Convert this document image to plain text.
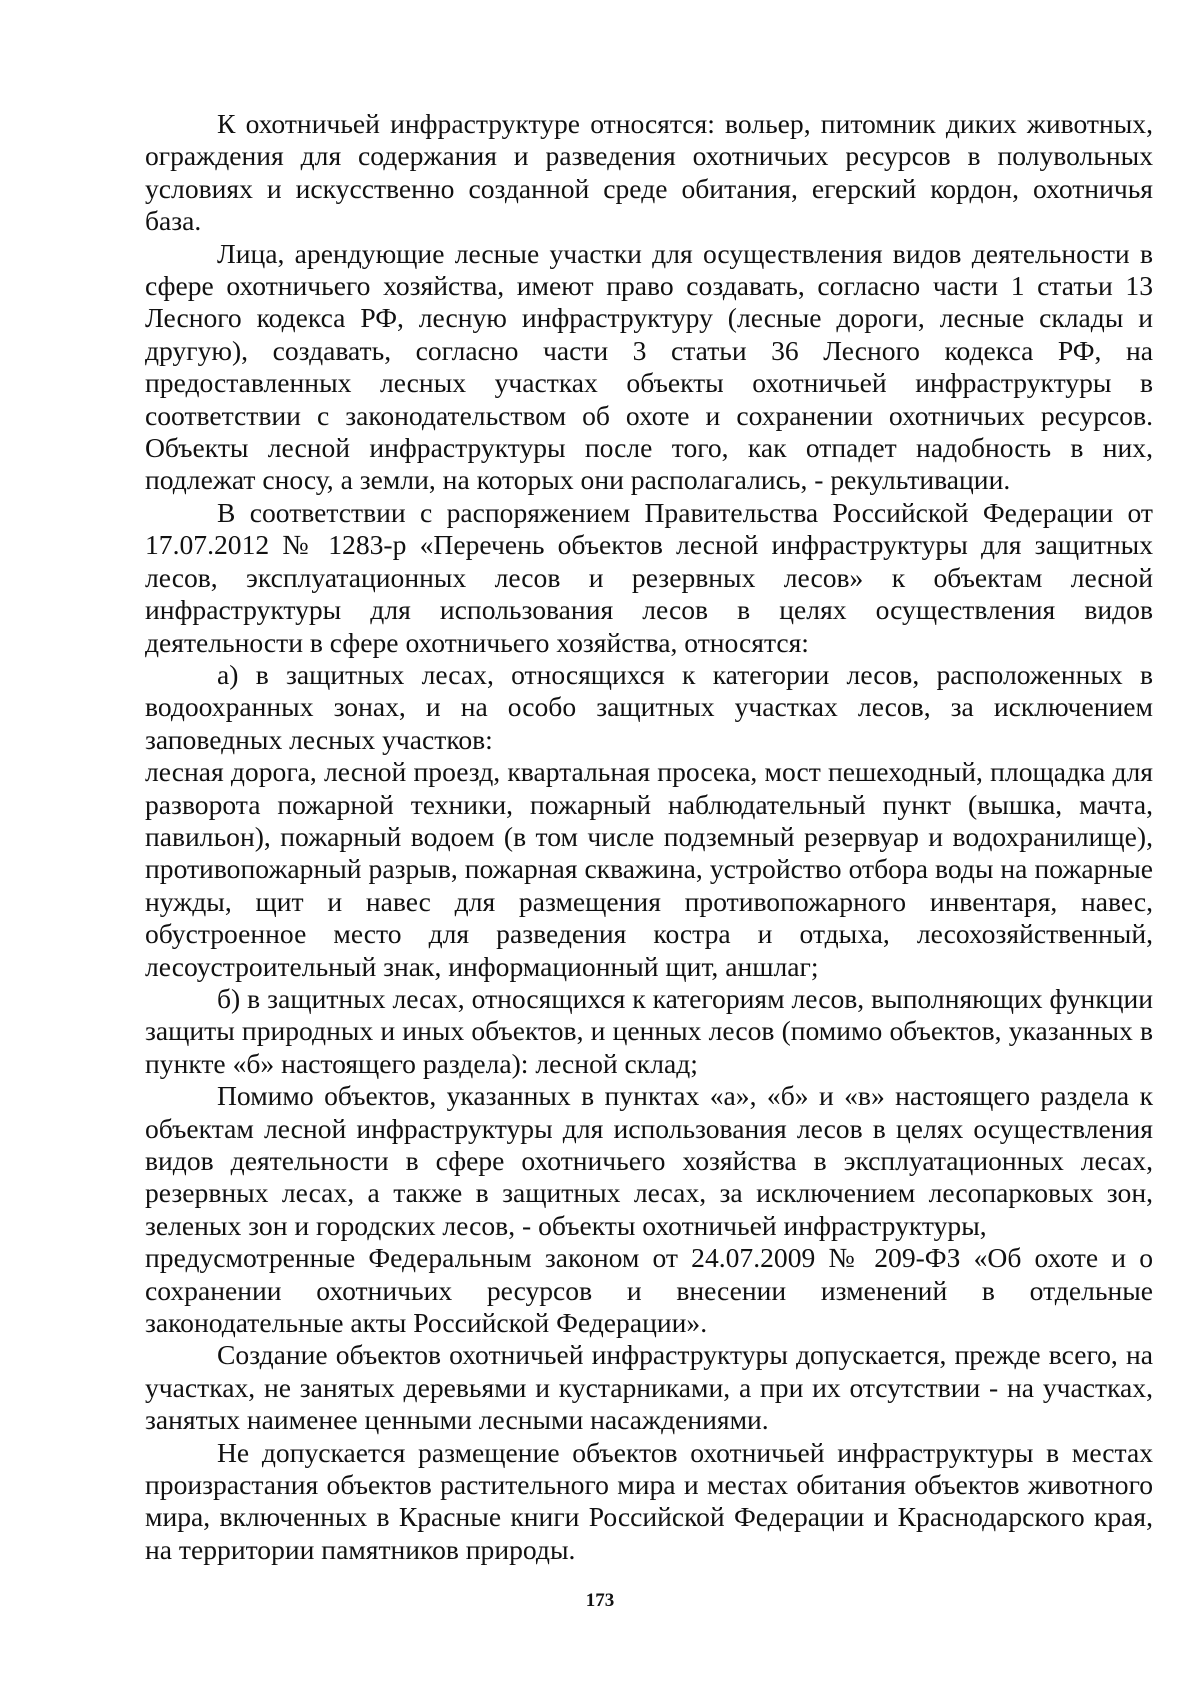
К охотничьей инфраструктуре относятся: вольер, питомник диких животных, ограждения для содержания и разведения охотничьих ресурсов в полувольных условиях и искусственно созданной среде обитания, егерский кордон, охотничья база.

Лица, арендующие лесные участки для осуществления видов деятельности в сфере охотничьего хозяйства, имеют право создавать, согласно части 1 статьи 13 Лесного кодекса РФ, лесную инфраструктуру (лесные дороги, лесные склады и другую), создавать, согласно части 3 статьи 36 Лесного кодекса РФ, на предоставленных лесных участках объекты охотничьей инфраструктуры в соответствии с законодательством об охоте и сохранении охотничьих ресурсов. Объекты лесной инфраструктуры после того, как отпадет надобность в них, подлежат сносу, а земли, на которых они располагались, - рекультивации.

В соответствии с распоряжением Правительства Российской Федерации от 17.07.2012 № 1283-р «Перечень объектов лесной инфраструктуры для защитных лесов, эксплуатационных лесов и резервных лесов» к объектам лесной инфраструктуры для использования лесов в целях осуществления видов деятельности в сфере охотничьего хозяйства, относятся:

а) в защитных лесах, относящихся к категории лесов, расположенных в водоохранных зонах, и на особо защитных участках лесов, за исключением заповедных лесных участков:

лесная дорога, лесной проезд, квартальная просека, мост пешеходный, площадка для разворота пожарной техники, пожарный наблюдательный пункт (вышка, мачта, павильон), пожарный водоем (в том числе подземный резервуар и водохранилище), противопожарный разрыв, пожарная скважина, устройство отбора воды на пожарные нужды, щит и навес для размещения противопожарного инвентаря, навес, обустроенное место для разведения костра и отдыха, лесохозяйственный, лесоустроительный знак, информационный щит, аншлаг;

б) в защитных лесах, относящихся к категориям лесов, выполняющих функции защиты природных и иных объектов, и ценных лесов (помимо объектов, указанных в пункте «б» настоящего раздела): лесной склад;

Помимо объектов, указанных в пунктах «а», «б» и «в» настоящего раздела к объектам лесной инфраструктуры для использования лесов в целях осуществления видов деятельности в сфере охотничьего хозяйства в эксплуатационных лесах, резервных лесах, а также в защитных лесах, за исключением лесопарковых зон, зеленых зон и городских лесов, - объекты охотничьей инфраструктуры,

предусмотренные Федеральным законом от 24.07.2009 № 209-ФЗ «Об охоте и о сохранении охотничьих ресурсов и внесении изменений в отдельные законодательные акты Российской Федерации».

Создание объектов охотничьей инфраструктуры допускается, прежде всего, на участках, не занятых деревьями и кустарниками, а при их отсутствии - на участках, занятых наименее ценными лесными насаждениями.

Не допускается размещение объектов охотничьей инфраструктуры в местах произрастания объектов растительного мира и местах обитания объектов животного мира, включенных в Красные книги Российской Федерации и Краснодарского края, на территории памятников природы.

173
